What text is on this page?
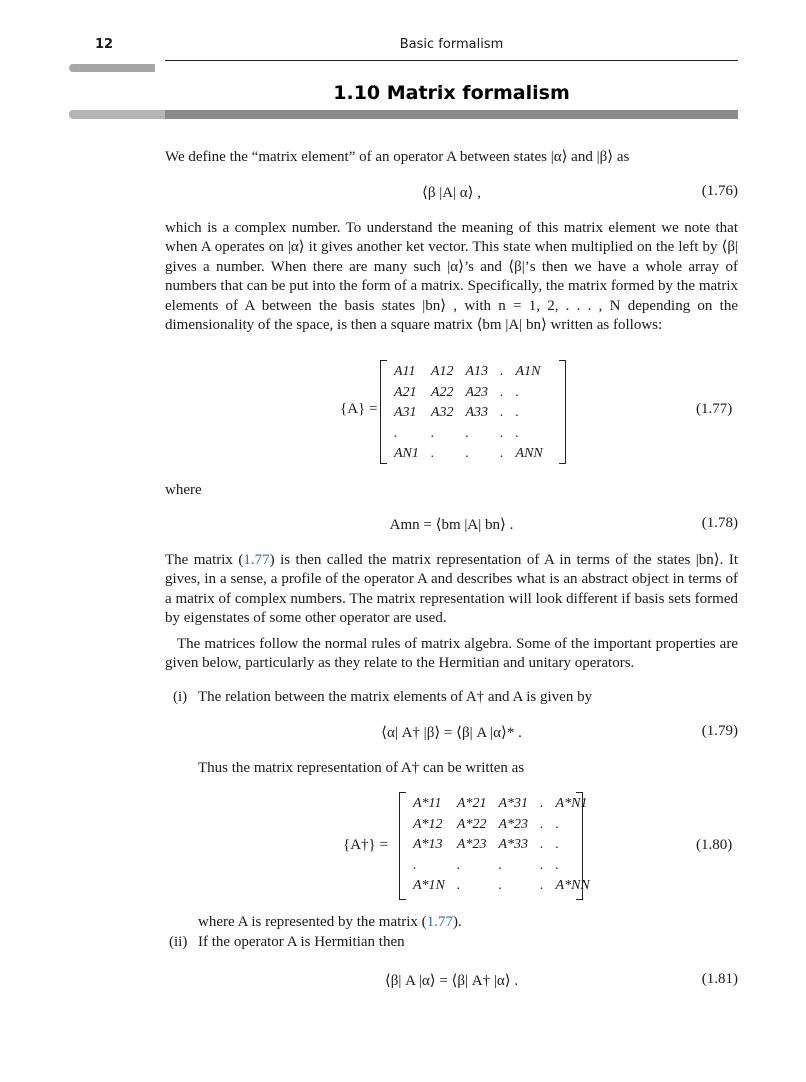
12	Basic formalism
1.10 Matrix formalism

We define the “matrix element” of an operator A between states |α⟩ and |β⟩ as

⟨β |A| α⟩ ,	(1.76)

which is a complex number. To understand the meaning of this matrix element we note that when A operates on |α⟩ it gives another ket vector. This state when multiplied on the left by ⟨β| gives a number. When there are many such |α⟩’s and ⟨β|’s then we have a whole array of numbers that can be put into the form of a matrix. Specifically, the matrix formed by the matrix elements of A between the basis states |bn⟩ , with n = 1, 2, . . . , N depending on the dimensionality of the space, is then a square matrix ⟨bm |A| bn⟩ written as follows:

{A} =
A11	A12	A13	.	A1N
A21	A22	A23	.	.
A31	A32	A33	.	.
.	.	.	.	.
AN1	.	.	.	ANN
(1.77)

where

Amn = ⟨bm |A| bn⟩ .	(1.78)

The matrix (1.77) is then called the matrix representation of A in terms of the states |bn⟩. It gives, in a sense, a profile of the operator A and describes what is an abstract object in terms of a matrix of complex numbers. The matrix representation will look different if basis sets formed by eigenstates of some other operator are used.

The matrices follow the normal rules of matrix algebra. Some of the important properties are given below, particularly as they relate to the Hermitian and unitary operators.

(i) The relation between the matrix elements of A† and A is given by
⟨α| A† |β⟩ = ⟨β| A |α⟩* .	(1.79)
Thus the matrix representation of A† can be written as
{A†} =
A*11	A*21	A*31	.	A*N1
A*12	A*22	A*23	.	.
A*13	A*23	A*33	.	.
.	.	.	.	.
A*1N	.	.	.	A*NN
(1.80)
where A is represented by the matrix (1.77).
(ii) If the operator A is Hermitian then
⟨β| A |α⟩ = ⟨β| A† |α⟩ .	(1.81)
